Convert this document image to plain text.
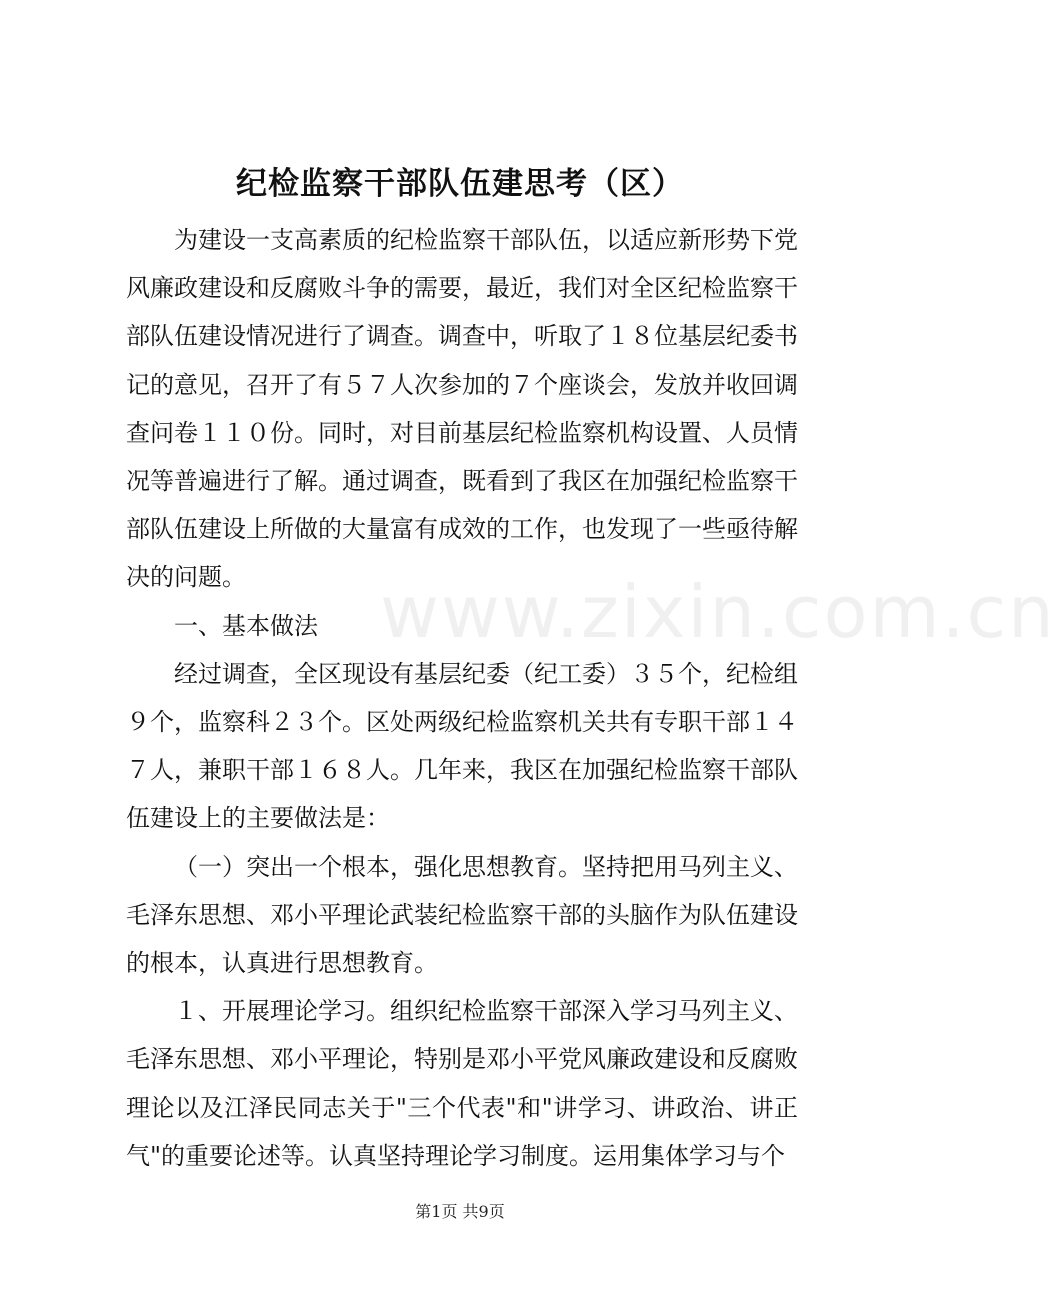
纪检监察干部队伍建思考（区）

为建设一支高素质的纪检监察干部队伍，以适应新形势下党风廉政建设和反腐败斗争的需要，最近，我们对全区纪检监察干部队伍建设情况进行了调查。调查中，听取了１８位基层纪委书记的意见，召开了有５７人次参加的７个座谈会，发放并收回调查问卷１１０份。同时，对目前基层纪检监察机构设置、人员情况等普遍进行了解。通过调查，既看到了我区在加强纪检监察干部队伍建设上所做的大量富有成效的工作，也发现了一些亟待解决的问题。

一、基本做法

经过调查，全区现设有基层纪委（纪工委）３５个，纪检组９个，监察科２３个。区处两级纪检监察机关共有专职干部１４７人，兼职干部１６８人。几年来，我区在加强纪检监察干部队伍建设上的主要做法是：

（一）突出一个根本，强化思想教育。坚持把用马列主义、毛泽东思想、邓小平理论武装纪检监察干部的头脑作为队伍建设的根本，认真进行思想教育。

１、开展理论学习。组织纪检监察干部深入学习马列主义、毛泽东思想、邓小平理论，特别是邓小平党风廉政建设和反腐败理论以及江泽民同志关于"三个代表"和"讲学习、讲政治、讲正气"的重要论述等。认真坚持理论学习制度。运用集体学习与个

www.zixin.com.cn
第1页 共9页
